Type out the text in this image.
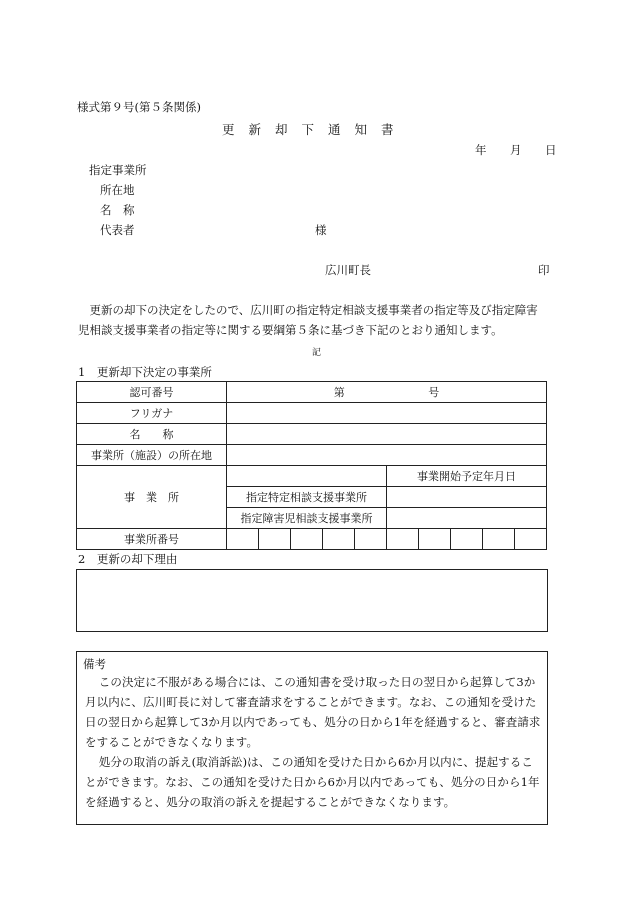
様式第９号(第５条関係)
更新却下通知書
年 月 日
指定事業所
所在地
名　称
代表者	様
広川町長	印
更新の却下の決定をしたので、広川町の指定特定相談支援事業者の指定等及び指定障害児相談支援事業者の指定等に関する要綱第５条に基づき下記のとおり通知します。
記
1　更新却下決定の事業所
認可番号	第 号									
フリガナ										
名　　称										
事業所（施設）の所在地										
事　業　所						事業開始予定年月日				
	指定特定相談支援事業所									
	指定障害児相談支援事業所									
事業所番号										
2　更新の却下理由
備考
この決定に不服がある場合には、この通知書を受け取った日の翌日から起算して3か月以内に、広川町長に対して審査請求をすることができます。なお、この通知を受けた日の翌日から起算して3か月以内であっても、処分の日から1年を経過すると、審査請求をすることができなくなります。
処分の取消の訴え(取消訴訟)は、この通知を受けた日から6か月以内に、提起することができます。なお、この通知を受けた日から6か月以内であっても、処分の日から1年を経過すると、処分の取消の訴えを提起することができなくなります。
